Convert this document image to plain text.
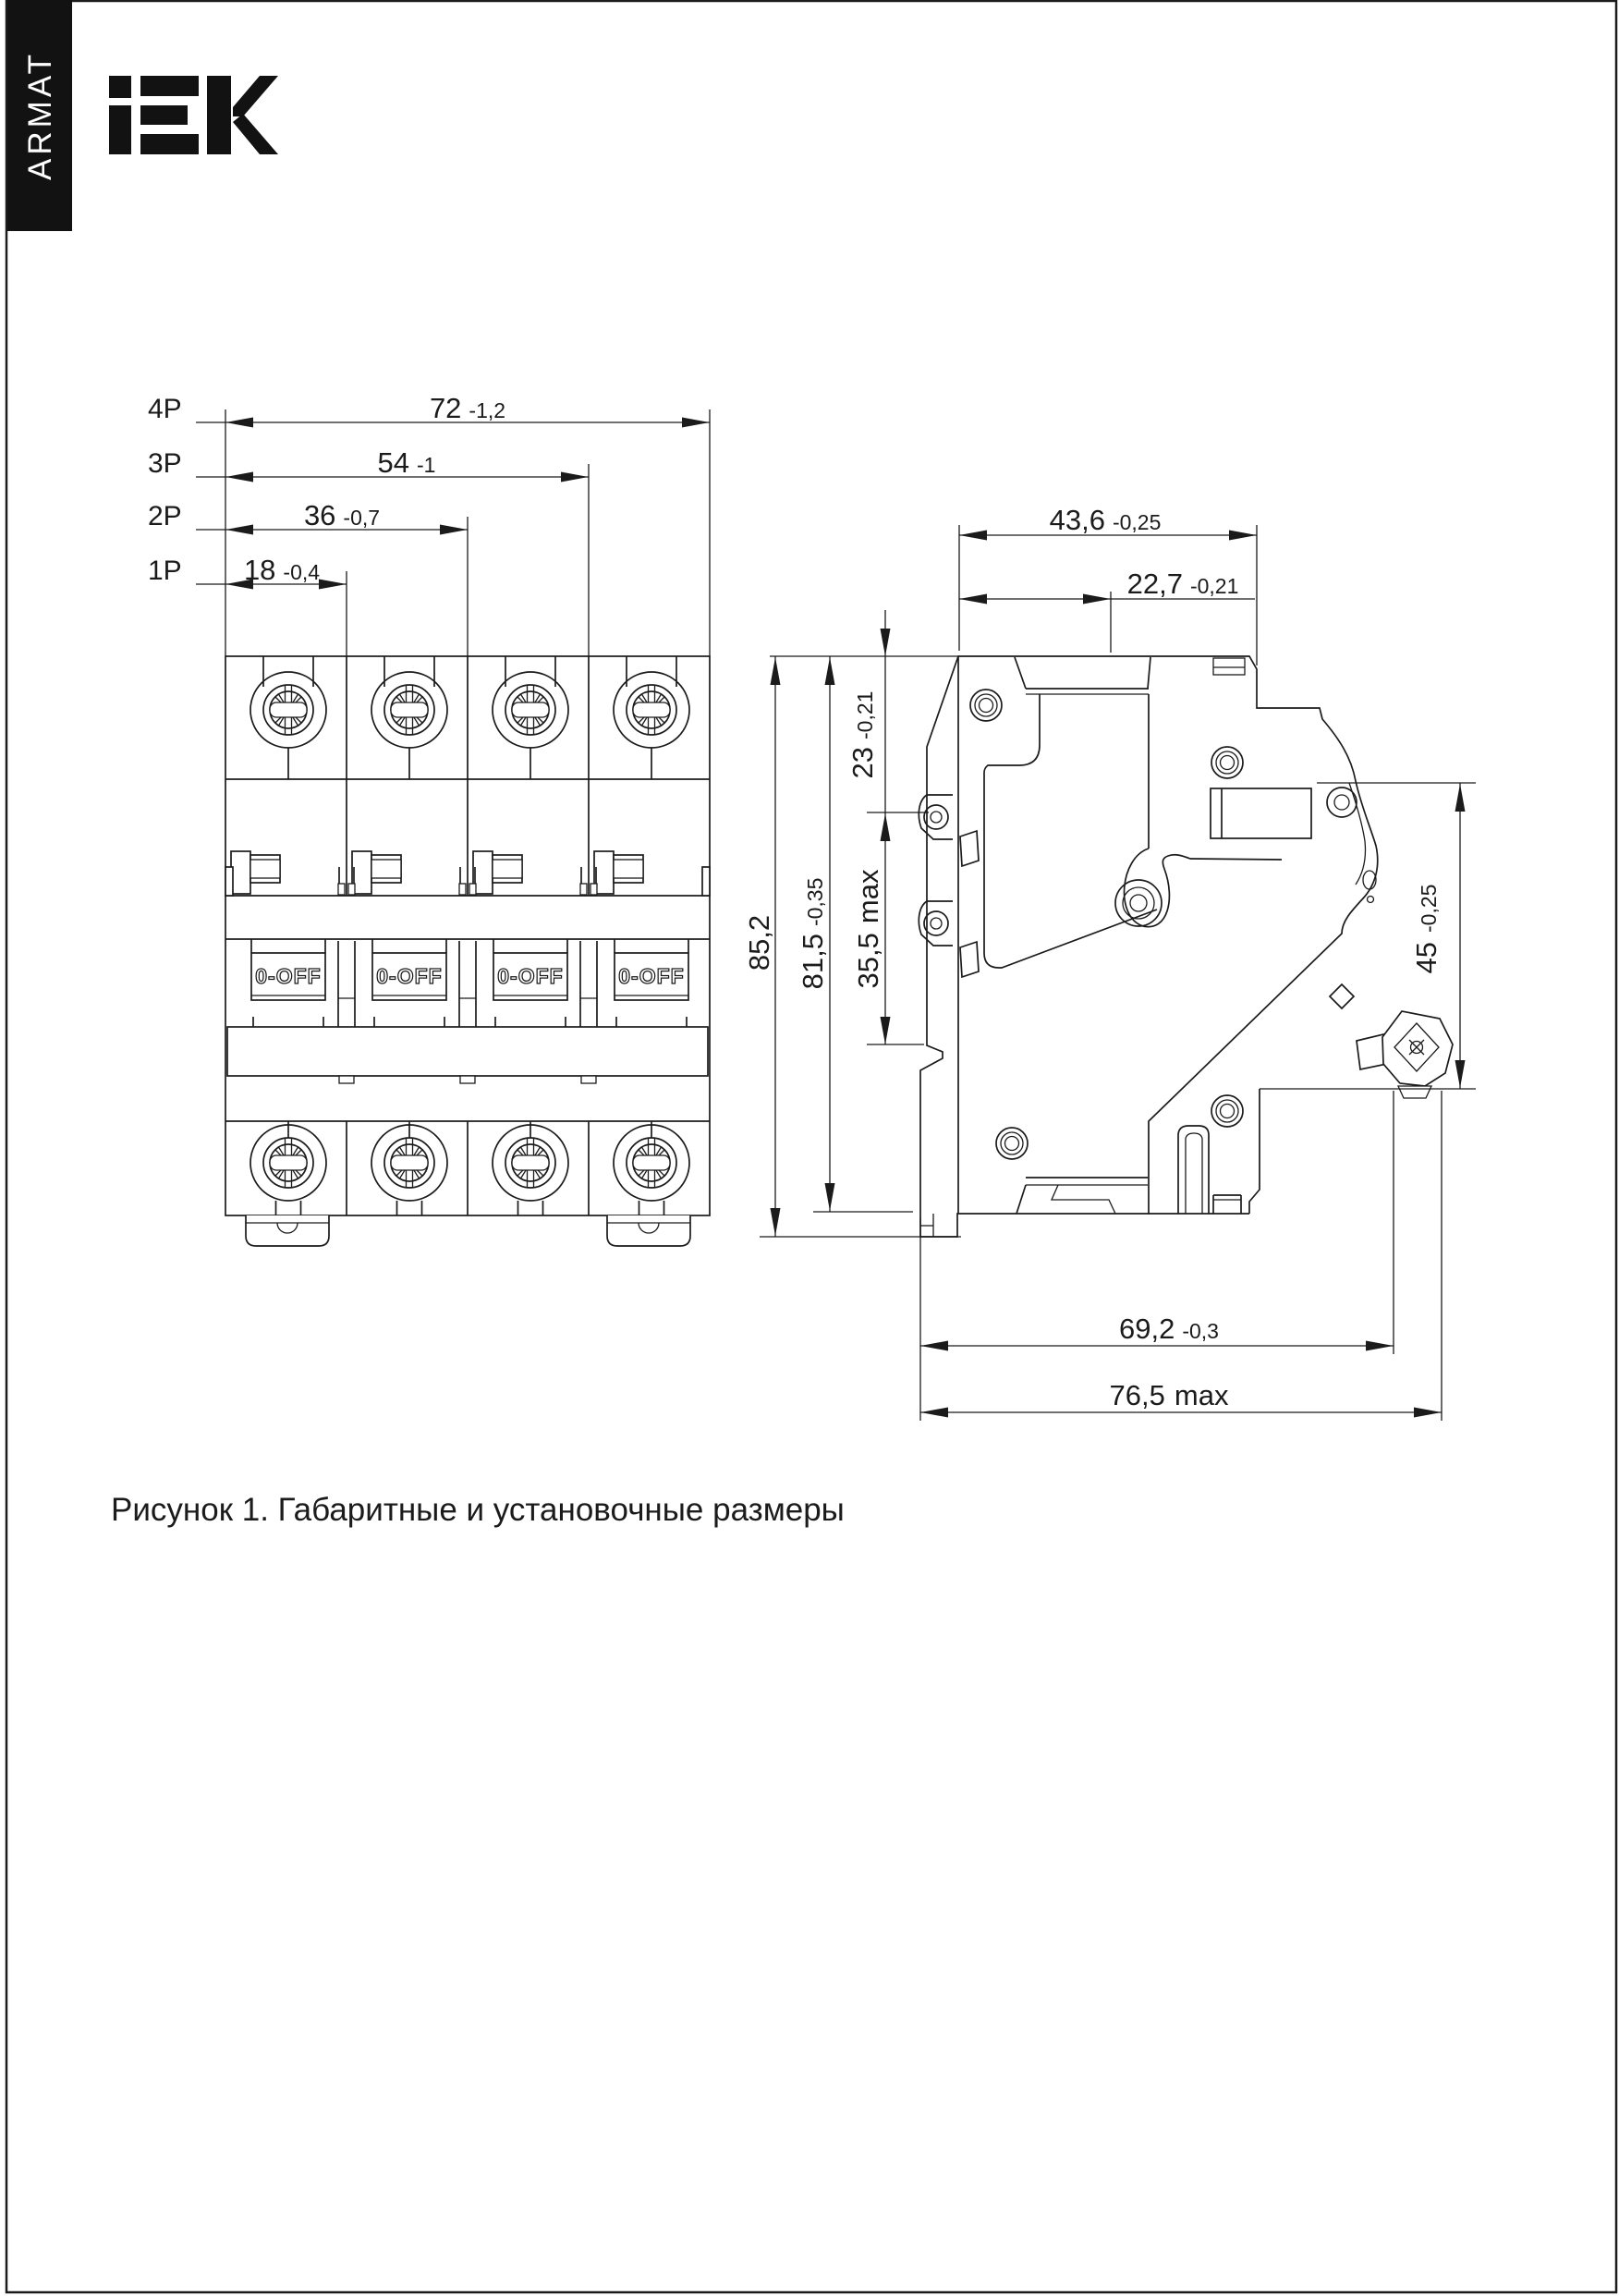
ARMAT
4P
3P
2P
1P
72 -1,2
54 -1
36 -0,7
18 -0,4
0-OFF	0-OFF	0-OFF	0-OFF
43,6 -0,25
22,7 -0,21
23-0,21
35,5max
81,5-0,35
85,2	45-0,25
69,2 -0,3
76,5 max
Рисунок 1. Габаритные и установочные размеры
